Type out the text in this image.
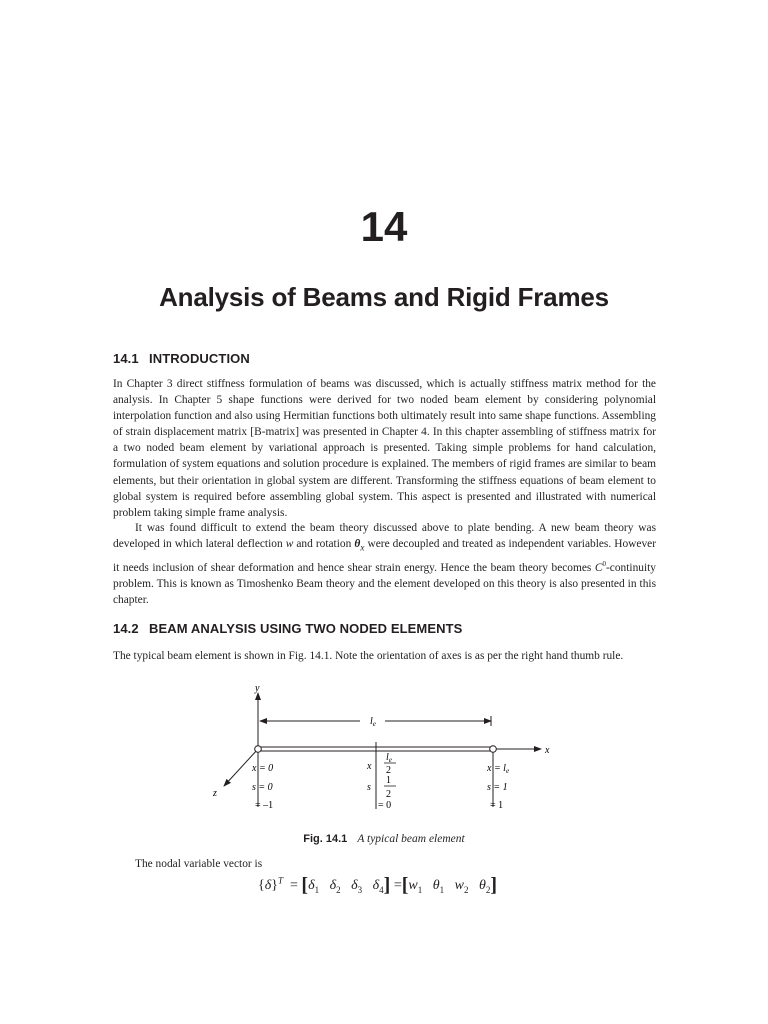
14
Analysis of Beams and Rigid Frames
14.1 INTRODUCTION

In Chapter 3 direct stiffness formulation of beams was discussed, which is actually stiffness matrix method for the analysis. In Chapter 5 shape functions were derived for two noded beam element by considering polynomial interpolation function and also using Hermitian functions both ultimately result into same shape functions. Assembling of strain displacement matrix [B-matrix] was presented in Chapter 4. In this chapter assembling of stiffness matrix for a two noded beam element by variational approach is presented. Taking simple problems for hand calculation, formulation of system equations and solution procedure is explained. The members of rigid frames are similar to beam elements, but their orientation in global system are different. Transforming the stiffness equations of beam element to global system is required before assembling global system. This aspect is presented and illustrated with numerical problem taking simple frame analysis.

It was found difficult to extend the beam theory discussed above to plate bending. A new beam theory was developed in which lateral deflection w and rotation $\theta_x$ were decoupled and treated as independent variables. However it needs inclusion of shear deformation and hence shear strain energy. Hence the beam theory becomes $C^0$-continuity problem. This is known as Timoshenko Beam theory and the element developed on this theory is also presented in this chapter.

14.2 BEAM ANALYSIS USING TWO NODED ELEMENTS

The typical beam element is shown in Fig. 14.1. Note the orientation of axes is as per the right hand thumb rule.

y
x
z
$l_e$
x = 0
s = 0
= –1
x
$l_e$
2
1
s
2
= 0
$x = l_e$
s = 1
= 1
Fig. 14.1 A typical beam element
The nodal variable vector is
$\{\delta\}^T = [\delta_1$ $\delta_2$ $\delta_3$ $\delta_4] =[w_1$ $\theta_1$ $w_2$ $\theta_2$]
